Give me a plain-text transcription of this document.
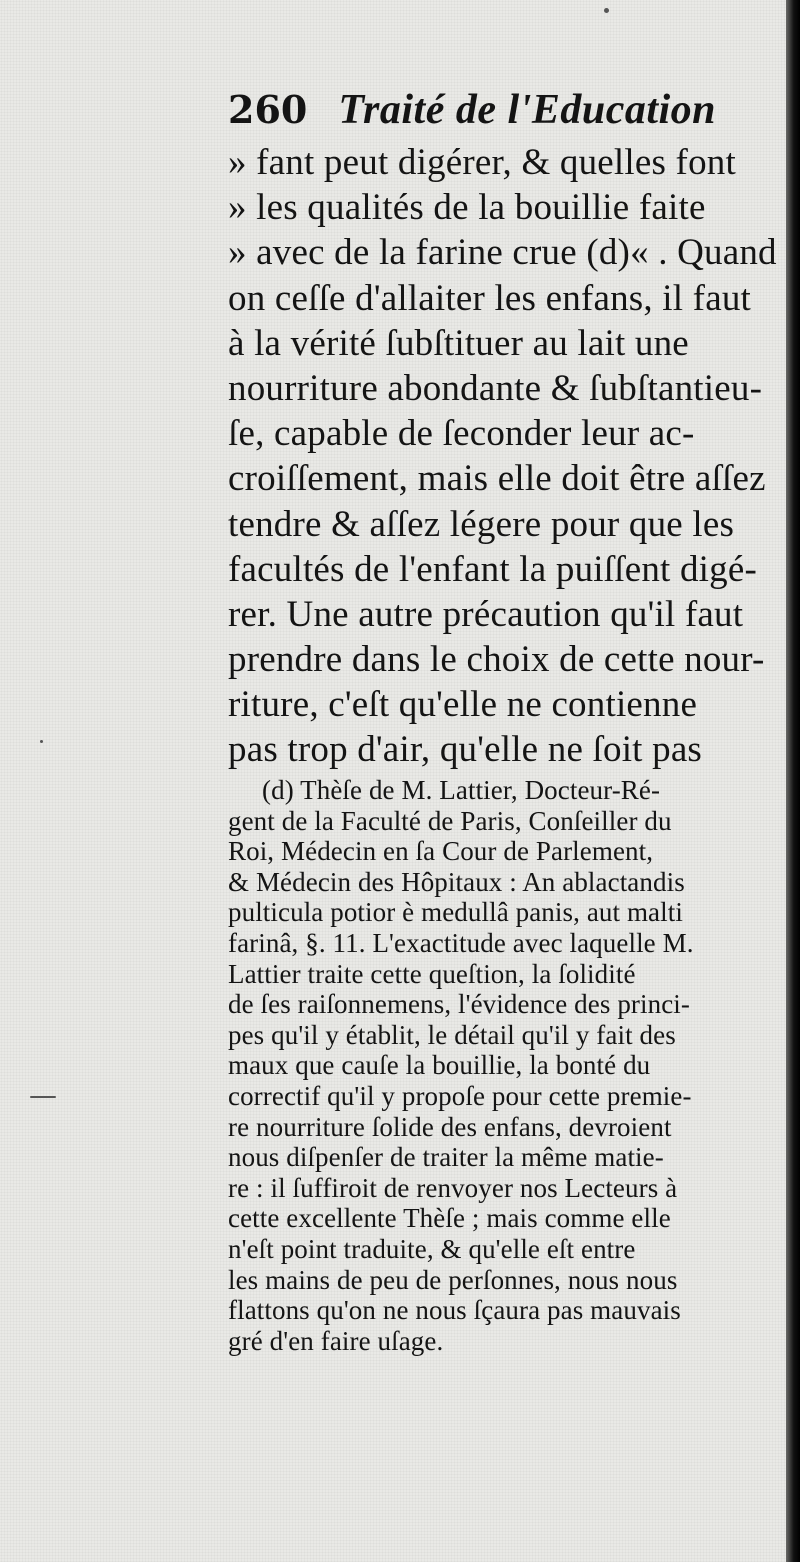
260 Traité de l'Education
» fant peut digérer, & quelles font
» les qualités de la bouillie faite
» avec de la farine crue (d)« . Quand
on ceſſe d'allaiter les enfans, il faut
à la vérité ſubſtituer au lait une
nourriture abondante & ſubſtantieu-
ſe, capable de ſeconder leur ac-
croiſſement, mais elle doit être aſſez
tendre & aſſez légere pour que les
facultés de l'enfant la puiſſent digé-
rer. Une autre précaution qu'il faut
prendre dans le choix de cette nour-
riture, c'eſt qu'elle ne contienne
pas trop d'air, qu'elle ne ſoit pas
(d) Thèſe de M. Lattier, Docteur-Ré-
gent de la Faculté de Paris, Conſeiller du
Roi, Médecin en ſa Cour de Parlement,
& Médecin des Hôpitaux : An ablactandis
pulticula potior è medullâ panis, aut malti
farinâ, §. 11. L'exactitude avec laquelle M.
Lattier traite cette queſtion, la ſolidité
de ſes raiſonnemens, l'évidence des princi-
pes qu'il y établit, le détail qu'il y fait des
maux que cauſe la bouillie, la bonté du
correctif qu'il y propoſe pour cette premie-
re nourriture ſolide des enfans, devroient
nous diſpenſer de traiter la même matie-
re : il ſuffiroit de renvoyer nos Lecteurs à
cette excellente Thèſe ; mais comme elle
n'eſt point traduite, & qu'elle eſt entre
les mains de peu de perſonnes, nous nous
flattons qu'on ne nous ſçaura pas mauvais
gré d'en faire uſage.
